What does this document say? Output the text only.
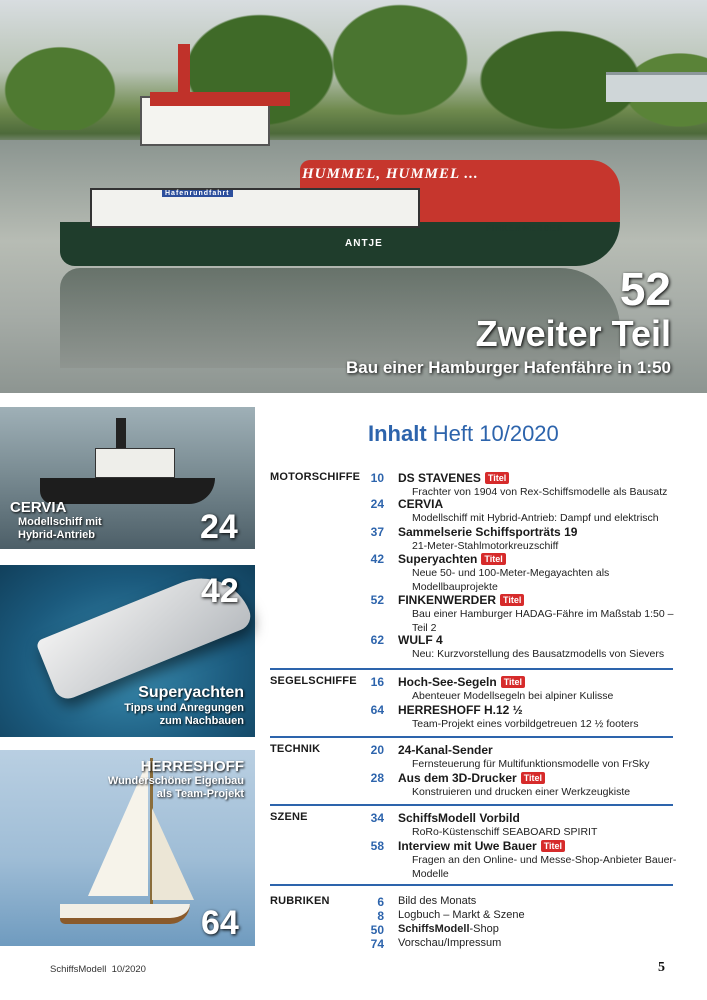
HUMMEL, HUMMEL ...
ANTJE
FINKENWERDER
Hafenrundfahrt
52
Zweiter Teil
Bau einer Hamburger Hafenfähre in 1:50
CERVIA
Modellschiff mit
Hybrid-Antrieb	24
42
Superyachten
Tipps und Anregungen
zum Nachbauen
HERRESHOFF
Wunderschöner Eigenbau
als Team-Projekt
64
Inhalt Heft 10/2020
MOTORSCHIFFE 10 DS STAVENES Titel
Frachter von 1904 von Rex-Schiffsmodelle als Bausatz
24 CERVIA
Modellschiff mit Hybrid-Antrieb: Dampf und elektrisch
37 Sammelserie Schiffsporträts 19
21-Meter-Stahlmotorkreuzschiff
42 Superyachten Titel
Neue 50- und 100-Meter-Megayachten als Modellbauprojekte
52 FINKENWERDER Titel
Bau einer Hamburger HADAG-Fähre im Maßstab 1:50 – Teil 2
62 WULF 4
Neu: Kurzvorstellung des Bausatzmodells von Sievers
SEGELSCHIFFE	16 Hoch-See-Segeln Titel
Abenteuer Modellsegeln bei alpiner Kulisse
64 HERRESHOFF H.12 ½
Team-Projekt eines vorbildgetreuen 12 ½ footers
TECHNIK	20 24-Kanal-Sender
Fernsteuerung für Multifunktionsmodelle von FrSky
28 Aus dem 3D-Drucker Titel
Konstruieren und drucken einer Werkzeugkiste
SZENE	34 SchiffsModell Vorbild
RoRo-Küstenschiff SEABOARD SPIRIT
58 Interview mit Uwe Bauer Titel
Fragen an den Online- und Messe-Shop-Anbieter Bauer-Modelle
RUBRIKEN	6 Bild des Monats
8 Logbuch – Markt & Szene
50 SchiffsModell-Shop
74 Vorschau/Impressum
SchiffsModell 10/2020	5
